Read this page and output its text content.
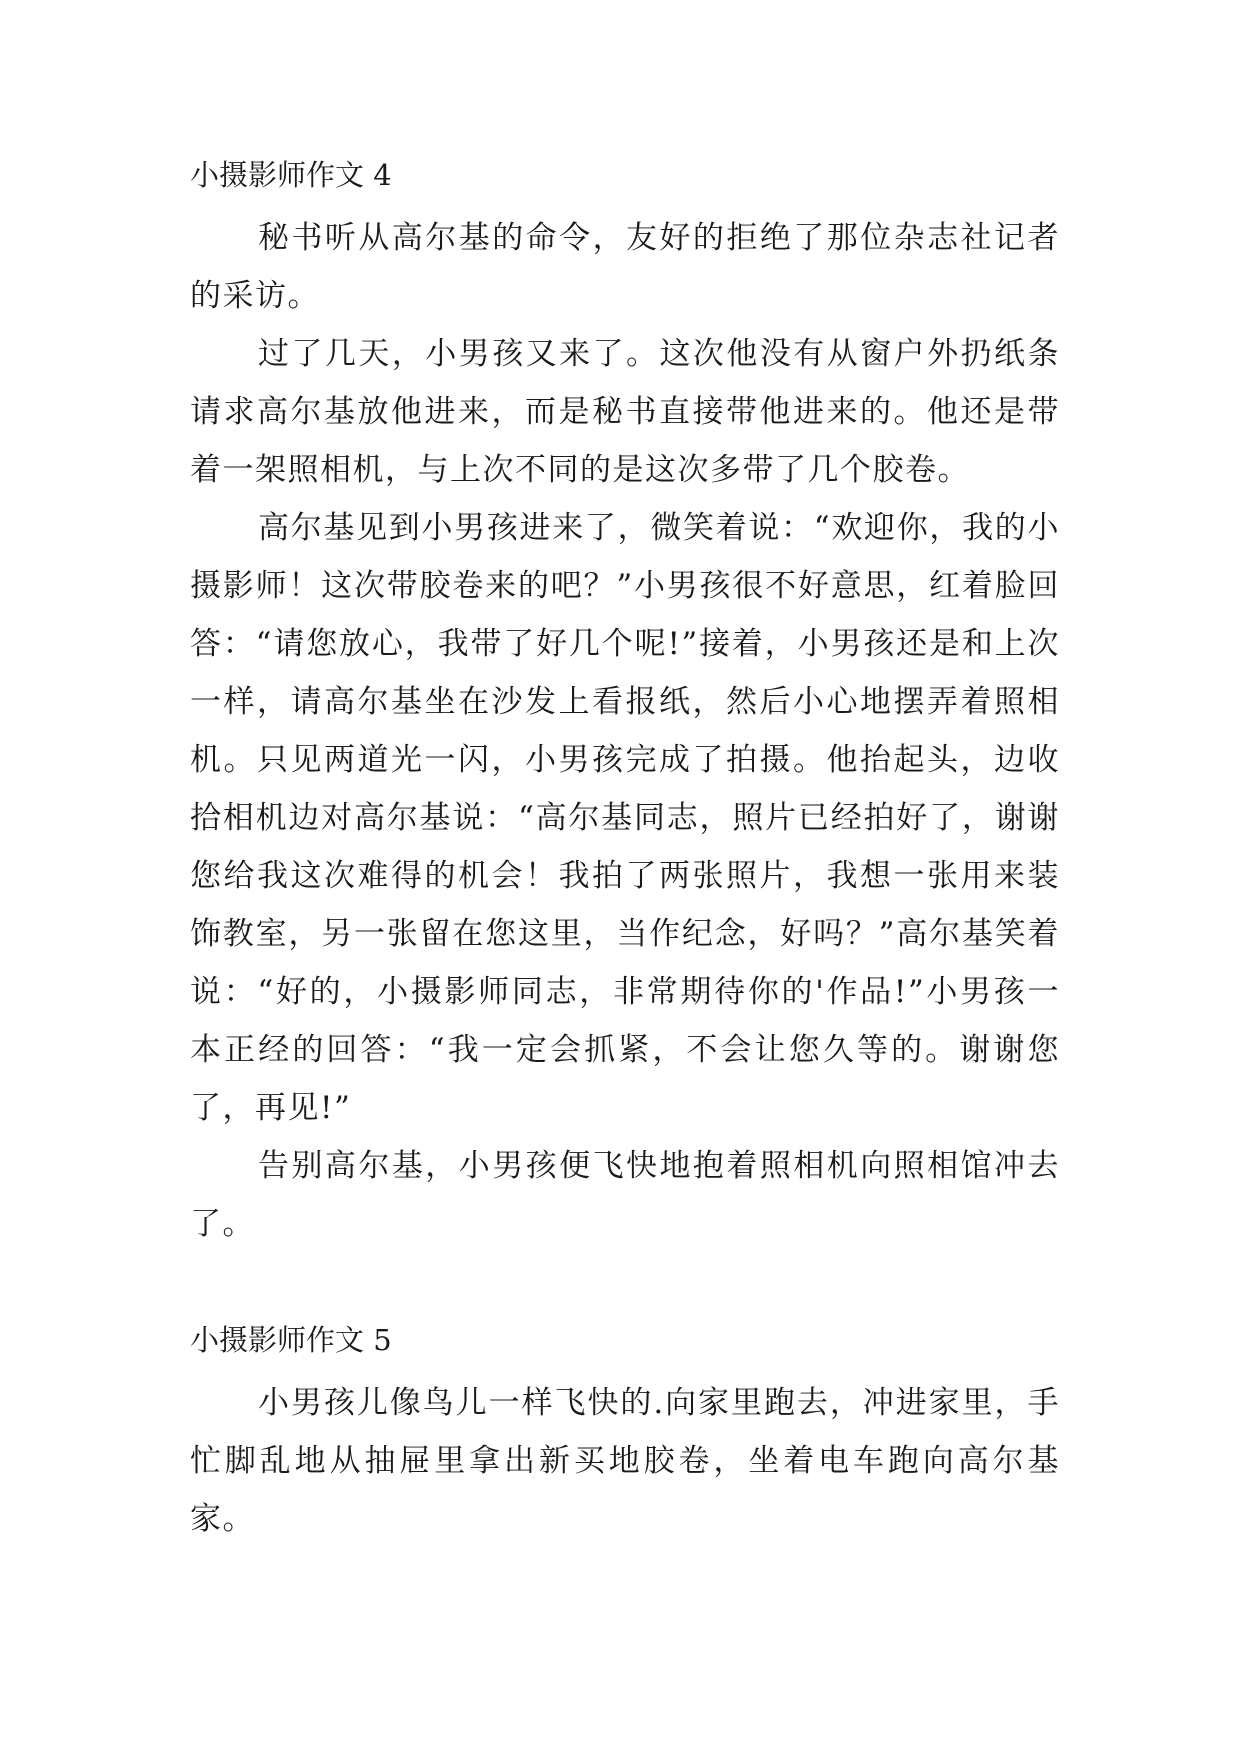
小摄影师作文 4

秘书听从高尔基的命令，友好的拒绝了那位杂志社记者的采访。

过了几天，小男孩又来了。这次他没有从窗户外扔纸条请求高尔基放他进来，而是秘书直接带他进来的。他还是带着一架照相机，与上次不同的是这次多带了几个胶卷。

高尔基见到小男孩进来了，微笑着说：“欢迎你，我的小摄影师！这次带胶卷来的吧？”小男孩很不好意思，红着脸回答：“请您放心，我带了好几个呢!”接着，小男孩还是和上次一样，请高尔基坐在沙发上看报纸，然后小心地摆弄着照相机。只见两道光一闪，小男孩完成了拍摄。他抬起头，边收拾相机边对高尔基说：“高尔基同志，照片已经拍好了，谢谢您给我这次难得的机会！我拍了两张照片，我想一张用来装饰教室，另一张留在您这里，当作纪念，好吗？”高尔基笑着说：“好的，小摄影师同志，非常期待你的'作品!”小男孩一本正经的回答：“我一定会抓紧，不会让您久等的。谢谢您了，再见!”

告别高尔基，小男孩便飞快地抱着照相机向照相馆冲去了。

小摄影师作文 5

小男孩儿像鸟儿一样飞快的.向家里跑去，冲进家里，手忙脚乱地从抽屉里拿出新买地胶卷，坐着电车跑向高尔基家。
